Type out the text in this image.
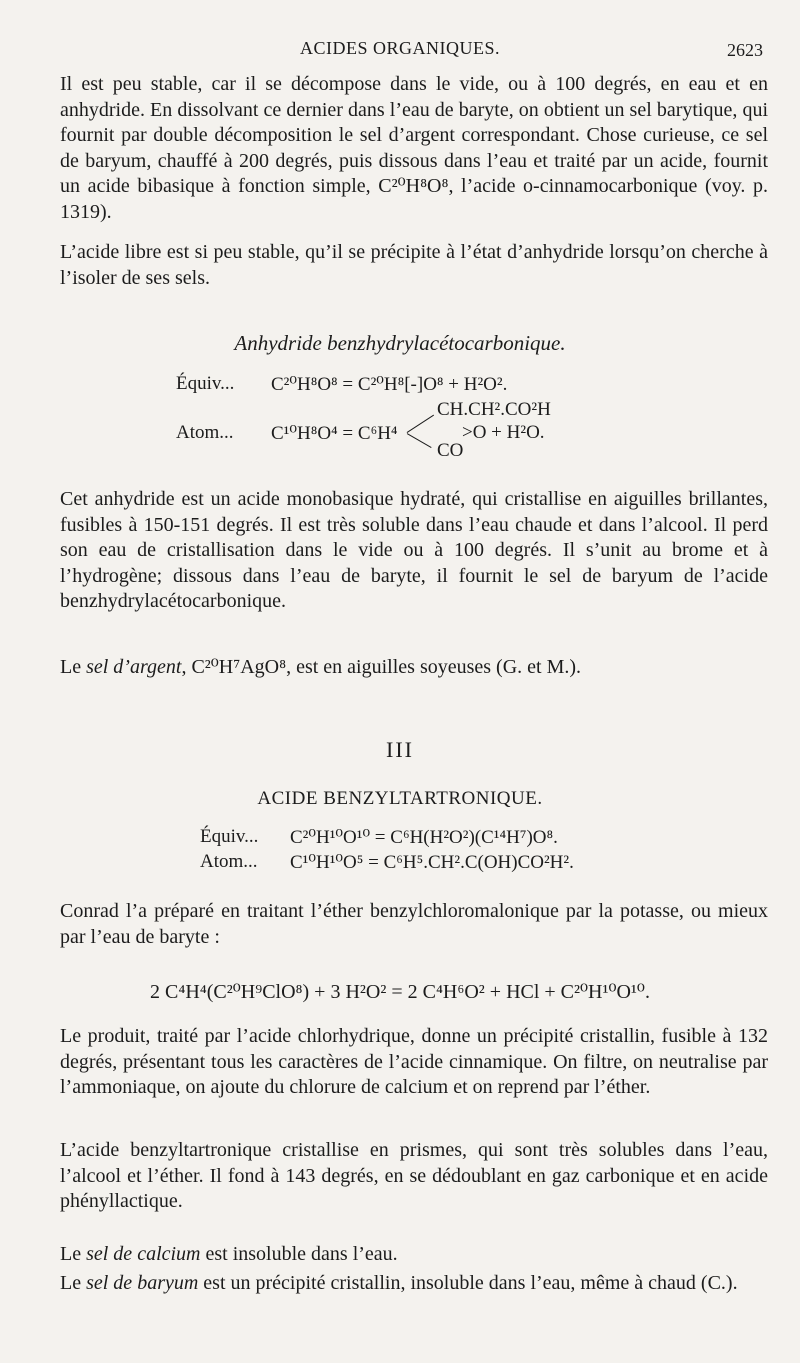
ACIDES ORGANIQUES.	2623

Il est peu stable, car il se décompose dans le vide, ou à 100 degrés, en eau et en anhydride. En dissolvant ce dernier dans l’eau de baryte, on obtient un sel barytique, qui fournit par double décomposition le sel d’argent correspondant. Chose curieuse, ce sel de baryum, chauffé à 200 degrés, puis dissous dans l’eau et traité par un acide, fournit un acide bibasique à fonction simple, C²⁰H⁸O⁸, l’acide o-cinnamocarbonique (voy. p. 1319).

L’acide libre est si peu stable, qu’il se précipite à l’état d’anhydride lorsqu’on cherche à l’isoler de ses sels.

Anhydride benzhydrylacétocarbonique.

Équiv... C²⁰H⁸O⁸ = C²⁰H⁸[-]O⁸ + H²O².
Atom... C¹⁰H⁸O⁴ = C⁶H⁴
CH.CH².CO²H
>O + H²O.
CO

Cet anhydride est un acide monobasique hydraté, qui cristallise en aiguilles brillantes, fusibles à 150-151 degrés. Il est très soluble dans l’eau chaude et dans l’alcool. Il perd son eau de cristallisation dans le vide ou à 100 degrés. Il s’unit au brome et à l’hydrogène; dissous dans l’eau de baryte, il fournit le sel de baryum de l’acide benzhydrylacétocarbonique.

Le sel d’argent, C²⁰H⁷AgO⁸, est en aiguilles soyeuses (G. et M.).

III

ACIDE BENZYLTARTRONIQUE.

Équiv... C²⁰H¹⁰O¹⁰ = C⁶H(H²O²)(C¹⁴H⁷)O⁸.
Atom... C¹⁰H¹⁰O⁵ = C⁶H⁵.CH².C(OH)CO²H².

Conrad l’a préparé en traitant l’éther benzylchloromalonique par la potasse, ou mieux par l’eau de baryte :

2 C⁴H⁴(C²⁰H⁹ClO⁸) + 3 H²O² = 2 C⁴H⁶O² + HCl + C²⁰H¹⁰O¹⁰.

Le produit, traité par l’acide chlorhydrique, donne un précipité cristallin, fusible à 132 degrés, présentant tous les caractères de l’acide cinnamique. On filtre, on neutralise par l’ammoniaque, on ajoute du chlorure de calcium et on reprend par l’éther.

L’acide benzyltartronique cristallise en prismes, qui sont très solubles dans l’eau, l’alcool et l’éther. Il fond à 143 degrés, en se dédoublant en gaz carbonique et en acide phényllactique.

Le sel de calcium est insoluble dans l’eau.

Le sel de baryum est un précipité cristallin, insoluble dans l’eau, même à chaud (C.).
